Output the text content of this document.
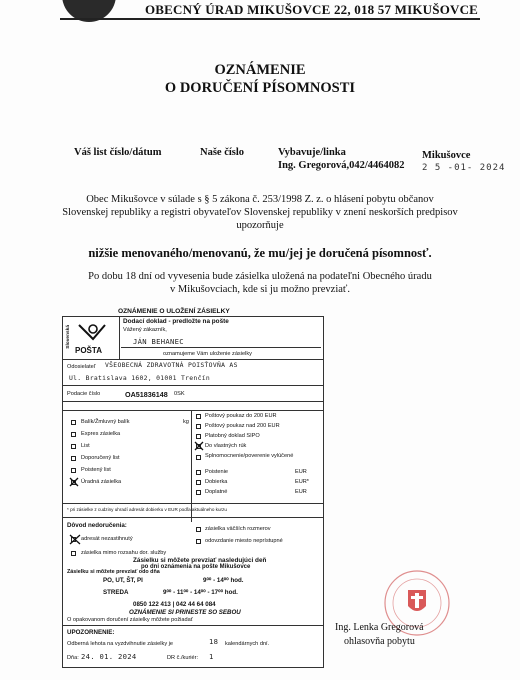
OBECNÝ ÚRAD MIKUŠOVCE 22, 018 57 MIKUŠOVCE
OZNÁMENIE
O DORUČENÍ PÍSOMNOSTI
Váš list číslo/dátum	Naše číslo	Vybavuje/linka
Ing. Gregorová,042/4464082
Mikušovce
2 5 -01- 2024
Obec Mikušovce v súlade s § 5 zákona č. 253/1998 Z. z. o hlásení pobytu občanov
Slovenskej republiky a registri obyvateľov Slovenskej republiky v znení neskorších predpisov
upozorňuje
nižšie menovaného/menovanú, že mu/jej je doručená písomnosť.
Po dobu 18 dní od vyvesenia bude zásielka uložená na podateľni Obecného úradu
v Mikušovciach, kde si ju možno prevziať.
OZNÁMENIE O ULOŽENÍ ZÁSIELKY
Slovenská
POŠTA
Dodací doklad - predložte na pošte
Vážený zákazník,
JÁN BEHANEC
oznamujeme Vám uloženie zásielky
Odosielateľ VŠEOBECNÁ ZDRAVOTNÁ POISŤOVŇA AS
Ul. Bratislava 1602, 01001 Trenčín
Podacie číslo	OA51836148 0SK
Balík/Žmluvný balík	kg
Expres zásielka
List
Doporučený list
Poistený list
Úradná zásielka
Poštový poukaz do 200 EUR
Poštový poukaz nad 200 EUR
Platobný doklad SIPO
Do vlastných rúk
Splnomocnenie/poverenie vylúčené
Poistenie	EUR
Dobierka	EUR*
Doplatné	EUR
* pri zásielke z cudziny uhradí adresát dobierku v EUR podľa aktuálneho kurzu
Dôvod nedoručenia:
adresát nezastihnutý
zásielka mimo rozsahu dor. služby
zásielka väčších rozmerov
odovzdanie miesto neprístupné
Zásielku si môžete prevziať nasledujúci deň
po dni oznámenia na pošte Mikušovce
Zásielku si môžete prevziať odo dňa
PO, UT, ŠT, PI	9⁰⁰ - 14⁰⁰ hod.
STREDA	9⁰⁰ - 11⁰⁰ - 14⁰⁰ - 17⁰⁰ hod.
0850 122 413 | 042 44 64 084
OZNÁMENIE SI PRINESTE SO SEBOU
O opakovanom doručení zásielky môžete požiadať
UPOZORNENIE:
Odberná lehota na vyzdvihnutie zásielky je	18 kalendárnych dní.
Dňa: 24. 01. 2024	DR č./kuriér: 1
Ing. Lenka Gregorová
ohlasovňa pobytu
